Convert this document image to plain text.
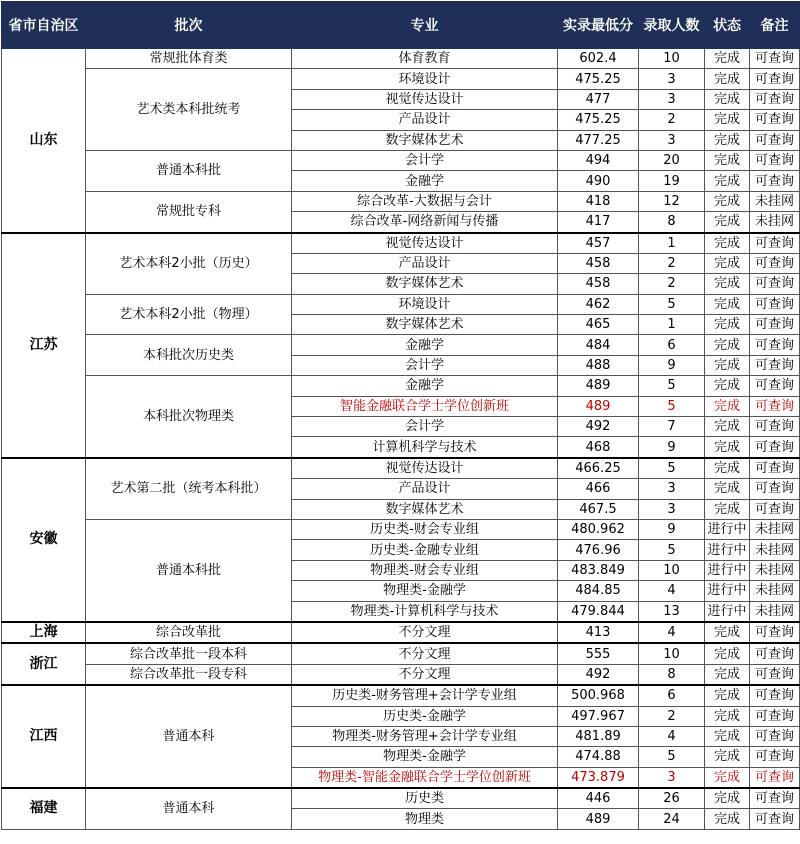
省市自治区	批次	专业	实录最低分	录取人数	状态	备注
山东	常规批体育类	体育教育	602.4	10	完成	可查询
	艺术类本科批统考	环境设计	475.25	3	完成	可查询
		视觉传达设计	477	3	完成	可查询
		产品设计	475.25	2	完成	可查询
		数字媒体艺术	477.25	3	完成	可查询
	普通本科批	会计学	494	20	完成	可查询
		金融学	490	19	完成	可查询
	常规批专科	综合改革-大数据与会计	418	12	完成	未挂网
		综合改革-网络新闻与传播	417	8	完成	未挂网
江苏	艺术本科2小批（历史）	视觉传达设计	457	1	完成	可查询
		产品设计	458	2	完成	可查询
		数字媒体艺术	458	2	完成	可查询
	艺术本科2小批（物理）	环境设计	462	5	完成	可查询
		数字媒体艺术	465	1	完成	可查询
	本科批次历史类	金融学	484	6	完成	可查询
		会计学	488	9	完成	可查询
	本科批次物理类	金融学	489	5	完成	可查询
		智能金融联合学士学位创新班	489	5	完成	可查询
		会计学	492	7	完成	可查询
		计算机科学与技术	468	9	完成	可查询
安徽	艺术第二批（统考本科批）	视觉传达设计	466.25	5	完成	可查询
		产品设计	466	3	完成	可查询
		数字媒体艺术	467.5	3	完成	可查询
	普通本科批	历史类-财会专业组	480.962	9	进行中	未挂网
		历史类-金融专业组	476.96	5	进行中	未挂网
		物理类-财会专业组	483.849	10	进行中	未挂网
		物理类-金融学	484.85	4	进行中	未挂网
		物理类-计算机科学与技术	479.844	13	进行中	未挂网
上海	综合改革批	不分文理	413	4	完成	可查询
浙江	综合改革批一段本科	不分文理	555	10	完成	可查询
	综合改革批一段专科	不分文理	492	8	完成	可查询
江西	普通本科	历史类-财务管理+会计学专业组	500.968	6	完成	可查询
		历史类-金融学	497.967	2	完成	可查询
		物理类-财务管理+会计学专业组	481.89	4	完成	可查询
		物理类-金融学	474.88	5	完成	可查询
		物理类-智能金融联合学士学位创新班	473.879	3	完成	可查询
福建	普通本科	历史类	446	26	完成	可查询
		物理类	489	24	完成	可查询
